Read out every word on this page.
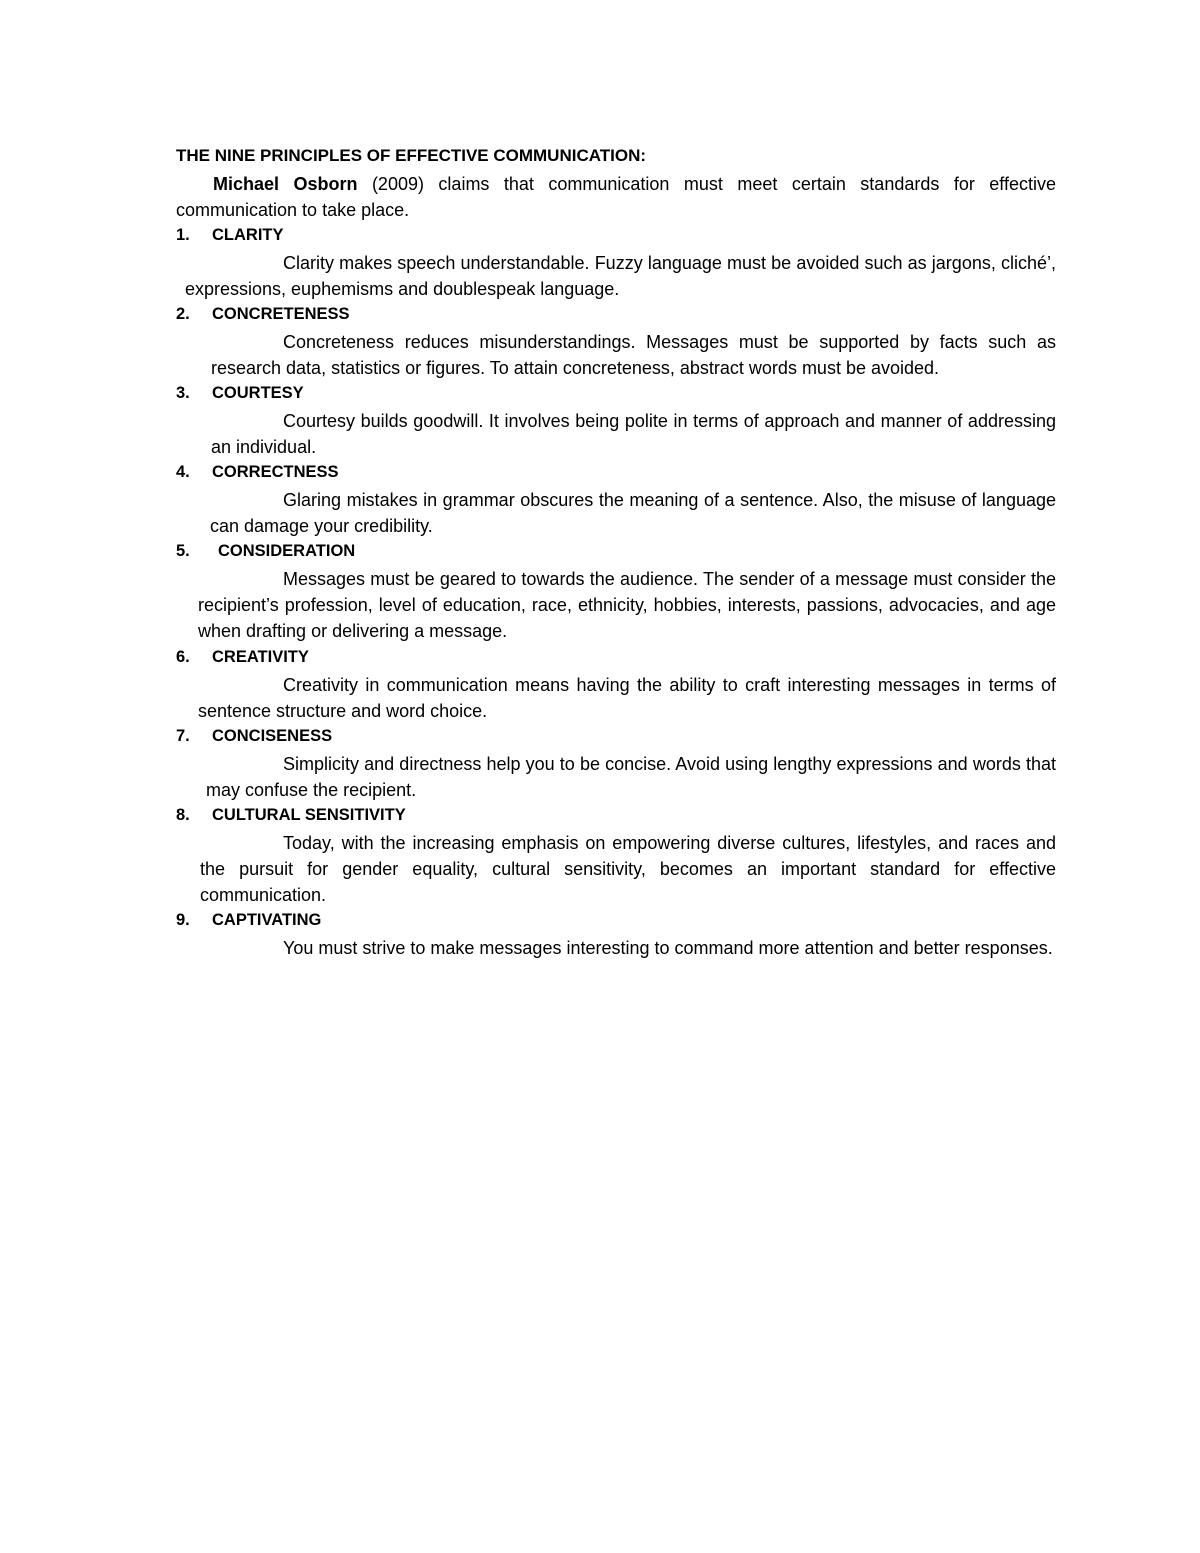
THE NINE PRINCIPLES OF EFFECTIVE COMMUNICATION:

Michael Osborn (2009) claims that communication must meet certain standards for effective communication to take place.

1. CLARITY

Clarity makes speech understandable. Fuzzy language must be avoided such as jargons, cliché’, expressions, euphemisms and doublespeak language.

2. CONCRETENESS

Concreteness reduces misunderstandings. Messages must be supported by facts such as research data, statistics or figures. To attain concreteness, abstract words must be avoided.

3. COURTESY

Courtesy builds goodwill. It involves being polite in terms of approach and manner of addressing an individual.

4. CORRECTNESS

Glaring mistakes in grammar obscures the meaning of a sentence. Also, the misuse of language can damage your credibility.

5. CONSIDERATION

Messages must be geared to towards the audience. The sender of a message must consider the recipient’s profession, level of education, race, ethnicity, hobbies, interests, passions, advocacies, and age when drafting or delivering a message.

6. CREATIVITY

Creativity in communication means having the ability to craft interesting messages in terms of sentence structure and word choice.

7. CONCISENESS

Simplicity and directness help you to be concise. Avoid using lengthy expressions and words that may confuse the recipient.

8. CULTURAL SENSITIVITY

Today, with the increasing emphasis on empowering diverse cultures, lifestyles, and races and the pursuit for gender equality, cultural sensitivity, becomes an important standard for effective communication.

9. CAPTIVATING

You must strive to make messages interesting to command more attention and better responses.
